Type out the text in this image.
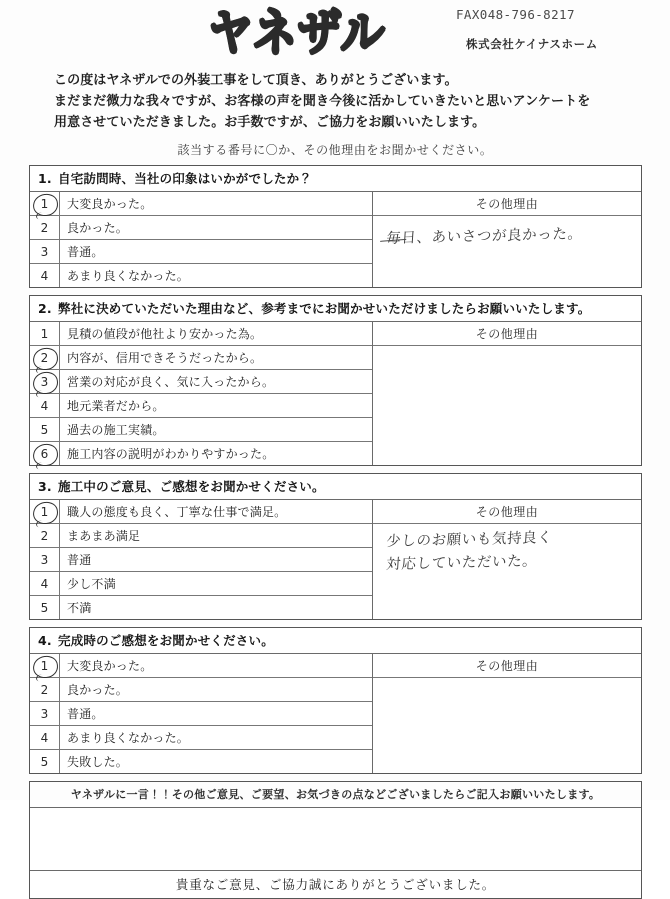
ヤネザル	FAX048-796-8217
株式会社ケイナスホーム
この度はヤネザルでの外装工事をして頂き、ありがとうございます。
まだまだ微力な我々ですが、お客様の声を聞き今後に活かしていきたいと思いアンケートを
用意させていただきました。お手数ですが、ご協力をお願いいたします。
該当する番号に〇か、その他理由をお聞かせください。
1. 自宅訪問時、当社の印象はいかがでしたか？
1	大変良かった。
2	良かった。
3	普通。
4	あまり良くなかった。
その他理由
毎日、あいさつが良かった。
2. 弊社に決めていただいた理由など、参考までにお聞かせいただけましたらお願いいたします。
1	見積の値段が他社より安かった為。
2	内容が、信用できそうだったから。
3	営業の対応が良く、気に入ったから。
4	地元業者だから。
5	過去の施工実績。
6	施工内容の説明がわかりやすかった。
その他理由
3. 施工中のご意見、ご感想をお聞かせください。
1	職人の態度も良く、丁寧な仕事で満足。
2	まあまあ満足
3	普通
4	少し不満
5	不満
その他理由
少しのお願いも気持良く
対応していただいた。
4. 完成時のご感想をお聞かせください。
1	大変良かった。
2	良かった。
3	普通。
4	あまり良くなかった。
5	失敗した。
その他理由
ヤネザルに一言！！その他ご意見、ご要望、お気づきの点などございましたらご記入お願いいたします。
貴重なご意見、ご協力誠にありがとうございました。
